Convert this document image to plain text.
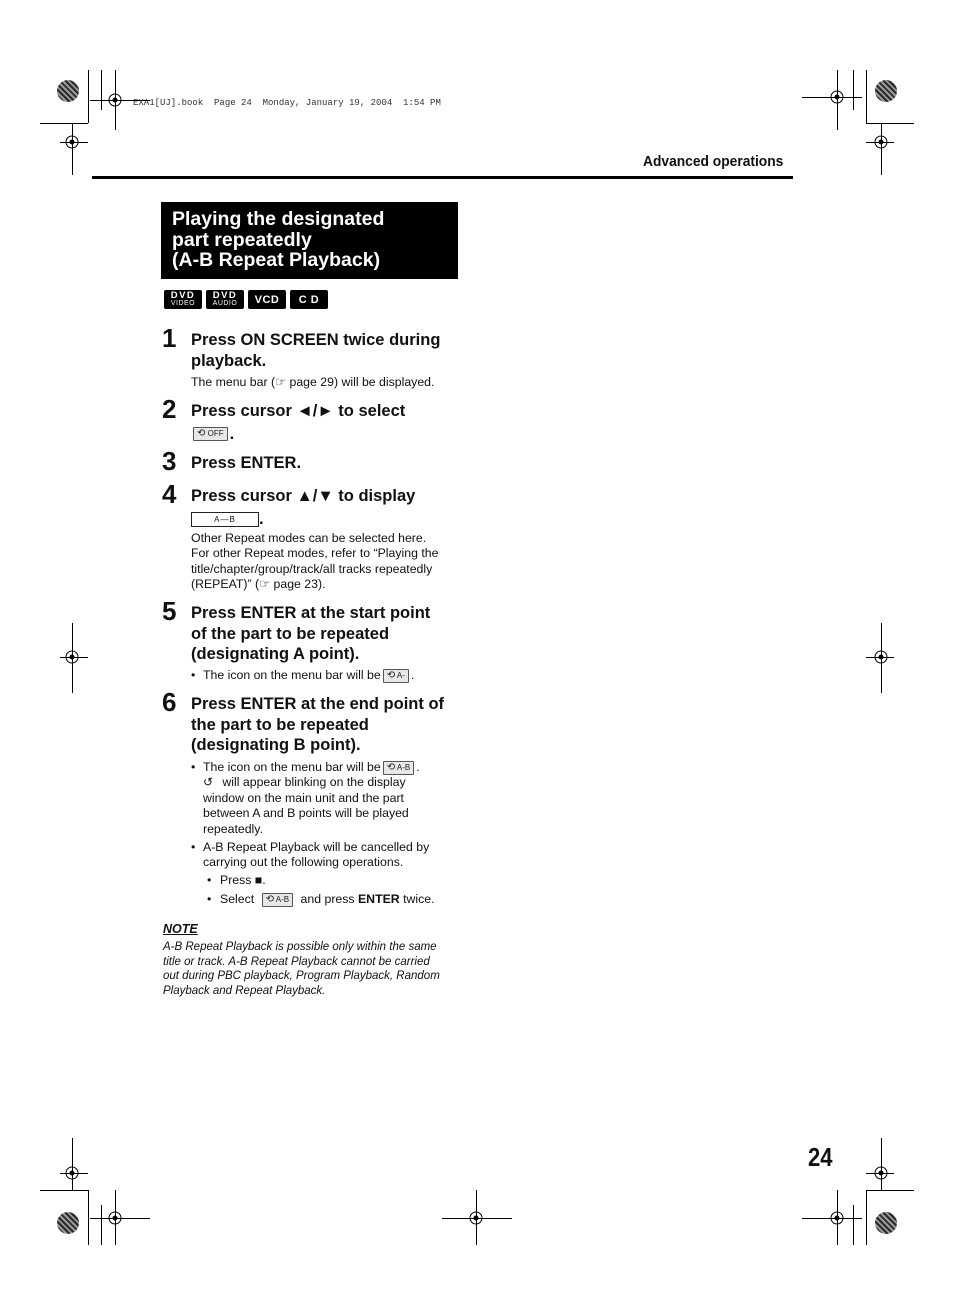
EXA1[UJ].book  Page 24  Monday, January 19, 2004  1:54 PM
Advanced operations
Playing the designated
part repeatedly
(A-B Repeat Playback)
DVD
VIDEO
DVD
AUDIO	VCD	C D
1 Press ON SCREEN twice during
playback.
The menu bar (☞ page 29) will be displayed.
2 Press cursor ◄/► to select
⟲ OFF .
3 Press ENTER.
4 Press cursor ▲/▼ to display
A—B .
Other Repeat modes can be selected here.
For other Repeat modes, refer to “Playing the
title/chapter/group/track/all tracks repeatedly
(REPEAT)” (☞ page 23).
5 Press ENTER at the start point
of the part to be repeated
(designating A point).
• The icon on the menu bar will be ⟲ A- .
6 Press ENTER at the end point of
the part to be repeated
(designating B point).
• The icon on the menu bar will be ⟲ A-B .
↺ will appear blinking on the display
window on the main unit and the part
between A and B points will be played
repeatedly.
• A-B Repeat Playback will be cancelled by
carrying out the following operations.
• Press ■.
• Select ⟲ A-B and press ENTER twice.
NOTE
A-B Repeat Playback is possible only within the same
title or track. A-B Repeat Playback cannot be carried
out during PBC playback, Program Playback, Random
Playback and Repeat Playback.
24
